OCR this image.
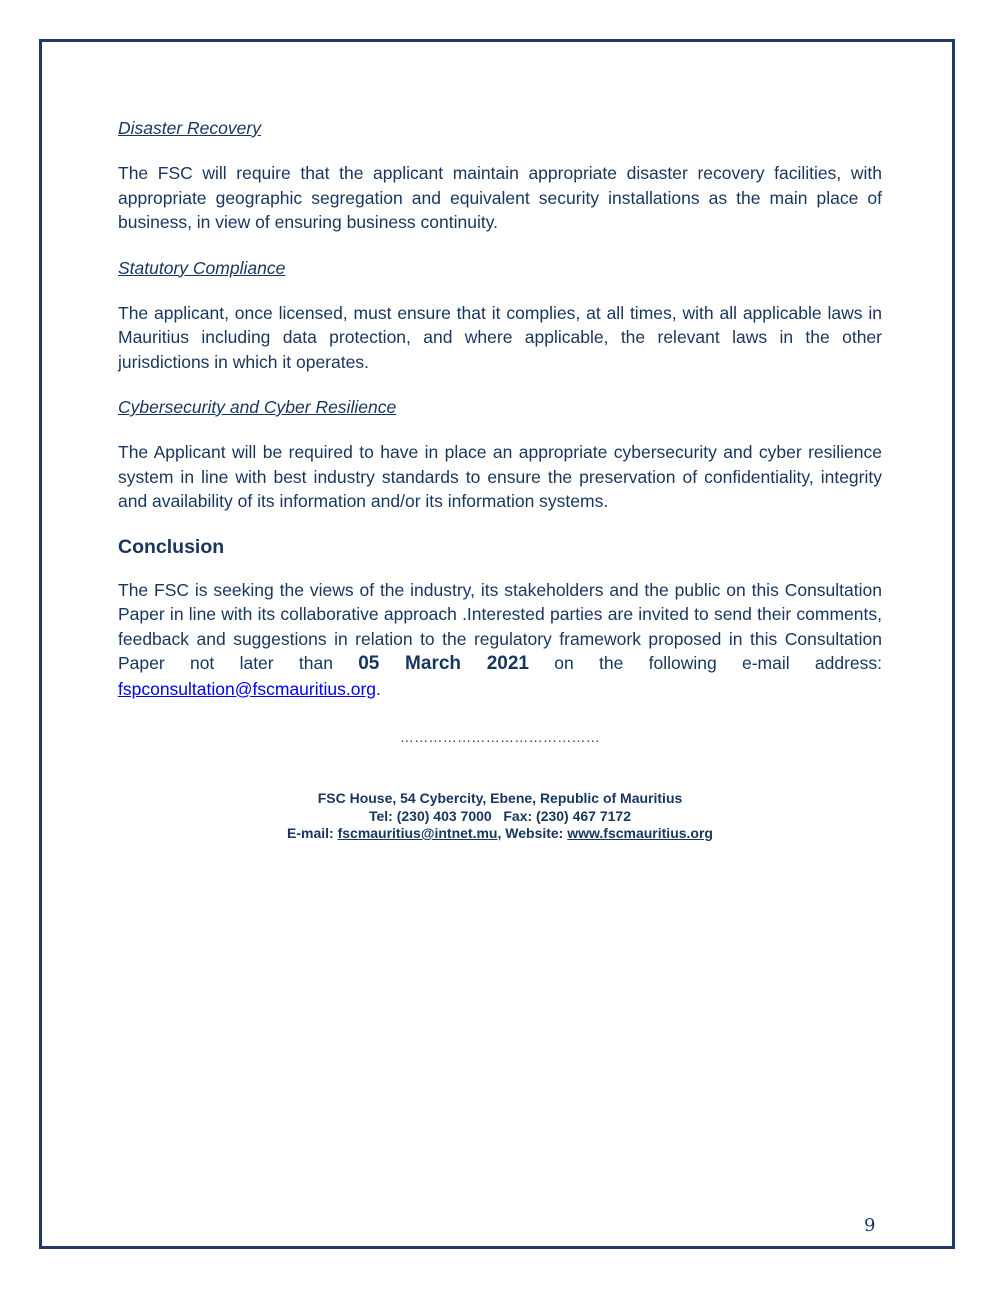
Disaster Recovery

The FSC will require that the applicant maintain appropriate disaster recovery facilities, with appropriate geographic segregation and equivalent security installations as the main place of business, in view of ensuring business continuity.

Statutory Compliance

The applicant, once licensed, must ensure that it complies, at all times, with all applicable laws in Mauritius including data protection, and where applicable, the relevant laws in the other jurisdictions in which it operates.

Cybersecurity and Cyber Resilience

The Applicant will be required to have in place an appropriate cybersecurity and cyber resilience system in line with best industry standards to ensure the preservation of confidentiality, integrity and availability of its information and/or its information systems.

Conclusion

The FSC is seeking the views of the industry, its stakeholders and the public on this Consultation Paper in line with its collaborative approach .Interested parties are invited to send their comments, feedback and suggestions in relation to the regulatory framework proposed in this Consultation Paper not later than 05 March 2021 on the following e-mail address: fspconsultation@fscmauritius.org.

……………………………………
FSC House, 54 Cybercity, Ebene, Republic of Mauritius
Tel: (230) 403 7000   Fax: (230) 467 7172
E-mail: fscmauritius@intnet.mu, Website: www.fscmauritius.org
9
